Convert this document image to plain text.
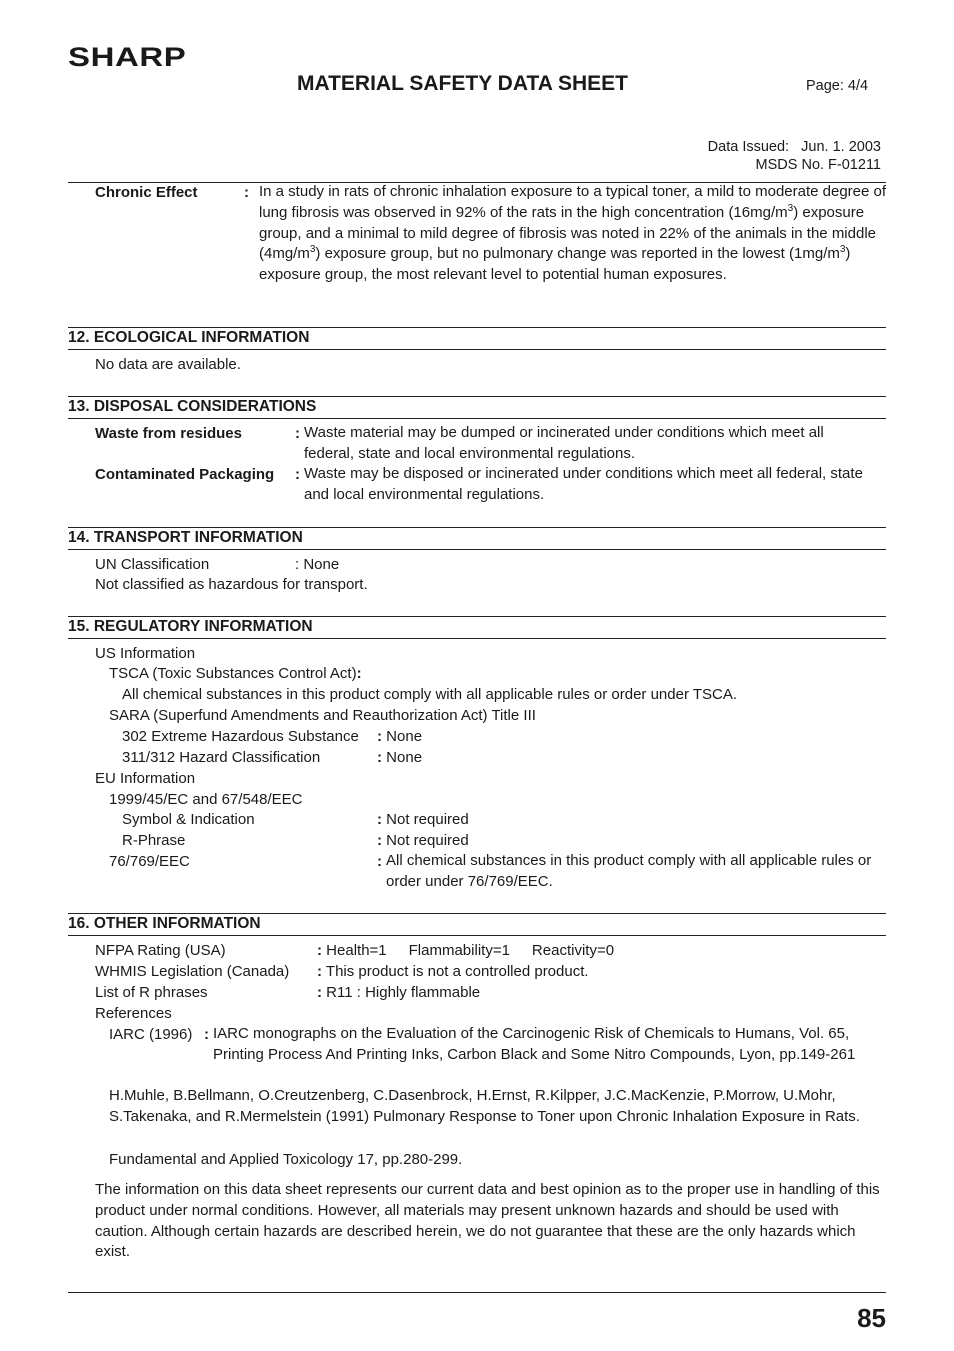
SHARP
MATERIAL SAFETY DATA SHEET	Page: 4/4
Data Issued: Jun. 1. 2003
MSDS No. F-01211
Chronic Effect	: In a study in rats of chronic inhalation exposure to a typical toner, a mild to moderate degree of lung fibrosis was observed in 92% of the rats in the high concentration $(16mg/m^3)$ exposure group, and a minimal to mild degree of fibrosis was noted in 22% of the animals in the middle $(4mg/m^3)$ exposure group, but no pulmonary change was reported in the lowest $(1mg/m^3)$ exposure group, the most relevant level to potential human exposures.
12. ECOLOGICAL INFORMATION
No data are available.
13. DISPOSAL CONSIDERATIONS
Waste from residues	: Waste material may be dumped or incinerated under conditions which meet all federal, state and local environmental regulations.
Contaminated Packaging : Waste may be disposed or incinerated under conditions which meet all federal, state and local environmental regulations.
14. TRANSPORT INFORMATION
UN Classification	: None
Not classified as hazardous for transport.
15. REGULATORY INFORMATION
US Information
TSCA (Toxic Substances Control Act):
All chemical substances in this product comply with all applicable rules or order under TSCA.
SARA (Superfund Amendments and Reauthorization Act) Title III
302 Extreme Hazardous Substance : None
311/312 Hazard Classification	: None
EU Information
1999/45/EC and 67/548/EEC
Symbol & Indication	: Not required
R-Phrase	: Not required
76/769/EEC	: All chemical substances in this product comply with all applicable rules or order under 76/769/EEC.
16. OTHER INFORMATION
NFPA Rating (USA)	: Health=1 Flammability=1 Reactivity=0
WHMIS Legislation (Canada) : This product is not a controlled product.
List of R phrases	: R11 : Highly flammable
References
IARC (1996) : IARC monographs on the Evaluation of the Carcinogenic Risk of Chemicals to Humans, Vol. 65, Printing Process And Printing Inks, Carbon Black and Some Nitro Compounds, Lyon, pp.149-261
H.Muhle, B.Bellmann, O.Creutzenberg, C.Dasenbrock, H.Ernst, R.Kilpper, J.C.MacKenzie, P.Morrow, U.Mohr, S.Takenaka, and R.Mermelstein (1991) Pulmonary Response to Toner upon Chronic Inhalation Exposure in Rats.
Fundamental and Applied Toxicology 17, pp.280-299.
The information on this data sheet represents our current data and best opinion as to the proper use in handling of this product under normal conditions. However, all materials may present unknown hazards and should be used with caution. Although certain hazards are described herein, we do not guarantee that these are the only hazards which exist.
85
